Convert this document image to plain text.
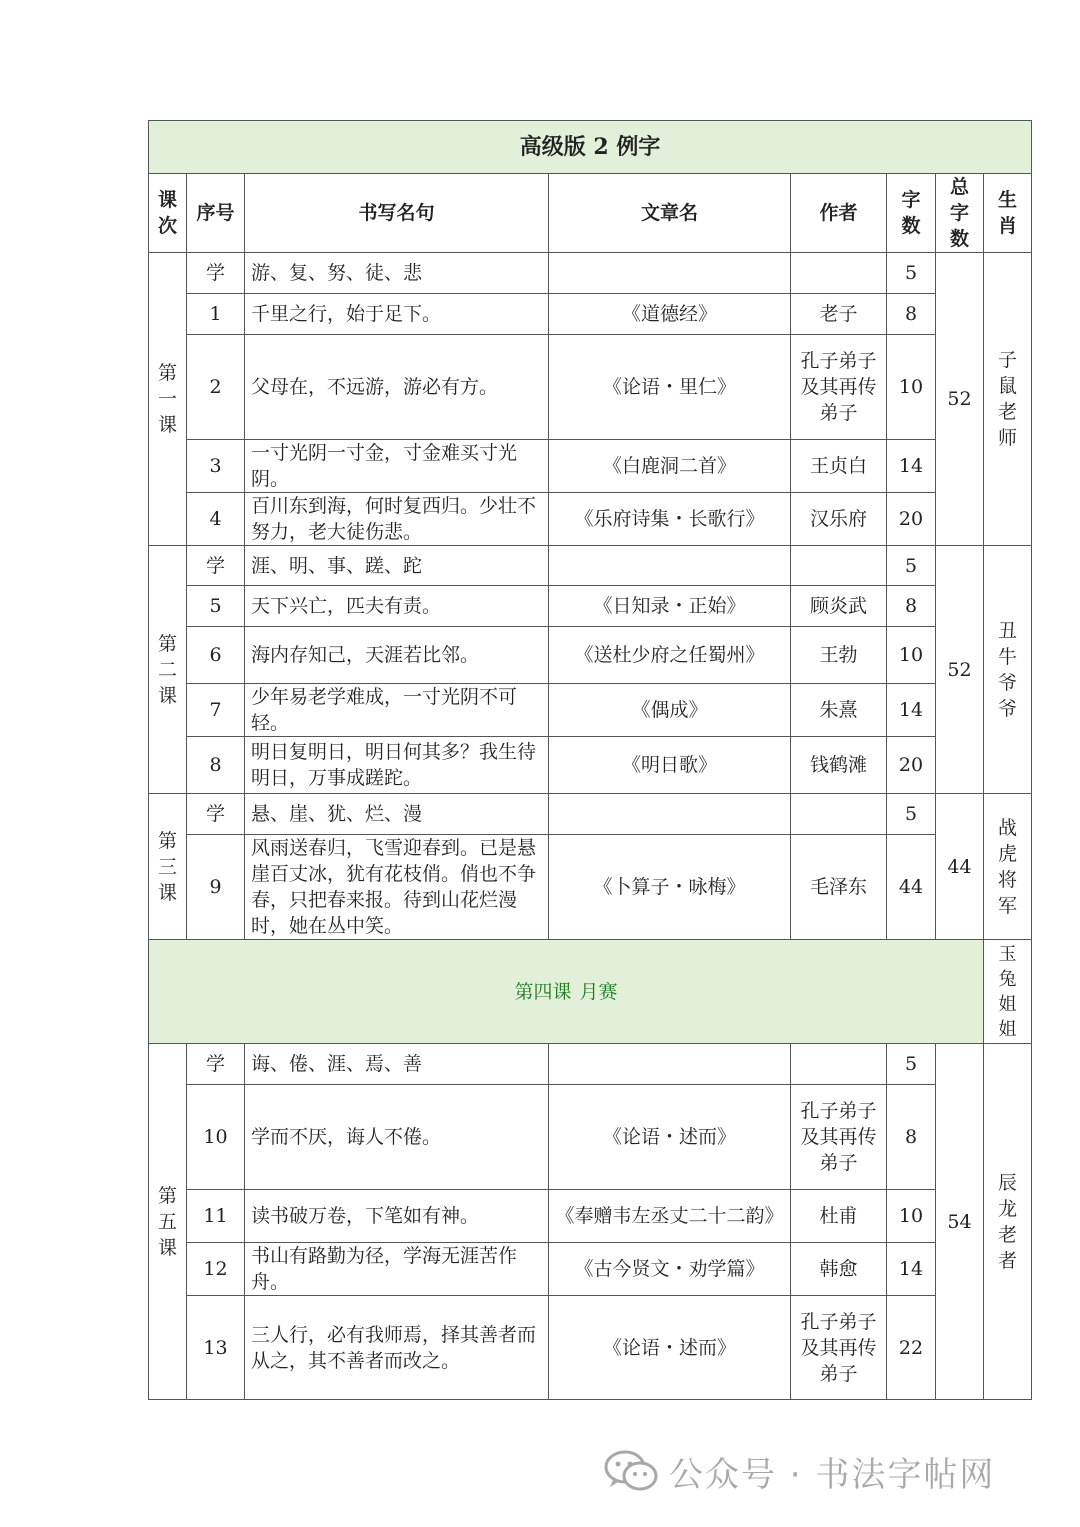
高级版 2 例字							
课次	序号	书写名句	文章名	作者	字数	总字数	生肖
第一课	学	游、复、努、徒、悲			5	52	子鼠老师
	1	千里之行，始于足下。	《道德经》	老子	8		
	2	父母在，不远游，游必有方。	《论语・里仁》	孔子弟子及其再传弟子	10		
	3	一寸光阴一寸金，寸金难买寸光阴。	《白鹿洞二首》	王贞白	14		
	4	百川东到海，何时复西归。少壮不努力，老大徒伤悲。	《乐府诗集・长歌行》	汉乐府	20		
第二课	学	涯、明、事、蹉、跎			5	52	丑牛爷爷
	5	天下兴亡，匹夫有责。	《日知录・正始》	顾炎武	8		
	6	海内存知己，天涯若比邻。	《送杜少府之任蜀州》	王勃	10		
	7	少年易老学难成，一寸光阴不可轻。	《偶成》	朱熹	14		
	8	明日复明日，明日何其多？我生待明日，万事成蹉跎。	《明日歌》	钱鹤滩	20		
第三课	学	悬、崖、犹、烂、漫			5	44	战虎将军
	9	风雨送春归，飞雪迎春到。已是悬崖百丈冰，犹有花枝俏。俏也不争春，只把春来报。待到山花烂漫时，她在丛中笑。	《卜算子・咏梅》	毛泽东	44		
第四课 月赛							玉兔姐姐
第五课	学	诲、倦、涯、焉、善			5	54	辰龙老者
	10	学而不厌，诲人不倦。	《论语・述而》	孔子弟子及其再传弟子	8		
	11	读书破万卷，下笔如有神。	《奉赠韦左丞丈二十二韵》	杜甫	10		
	12	书山有路勤为径，学海无涯苦作舟。	《古今贤文・劝学篇》	韩愈	14		
	13	三人行，必有我师焉，择其善者而从之，其不善者而改之。	《论语・述而》	孔子弟子及其再传弟子	22		
公众号 · 书法字帖网
